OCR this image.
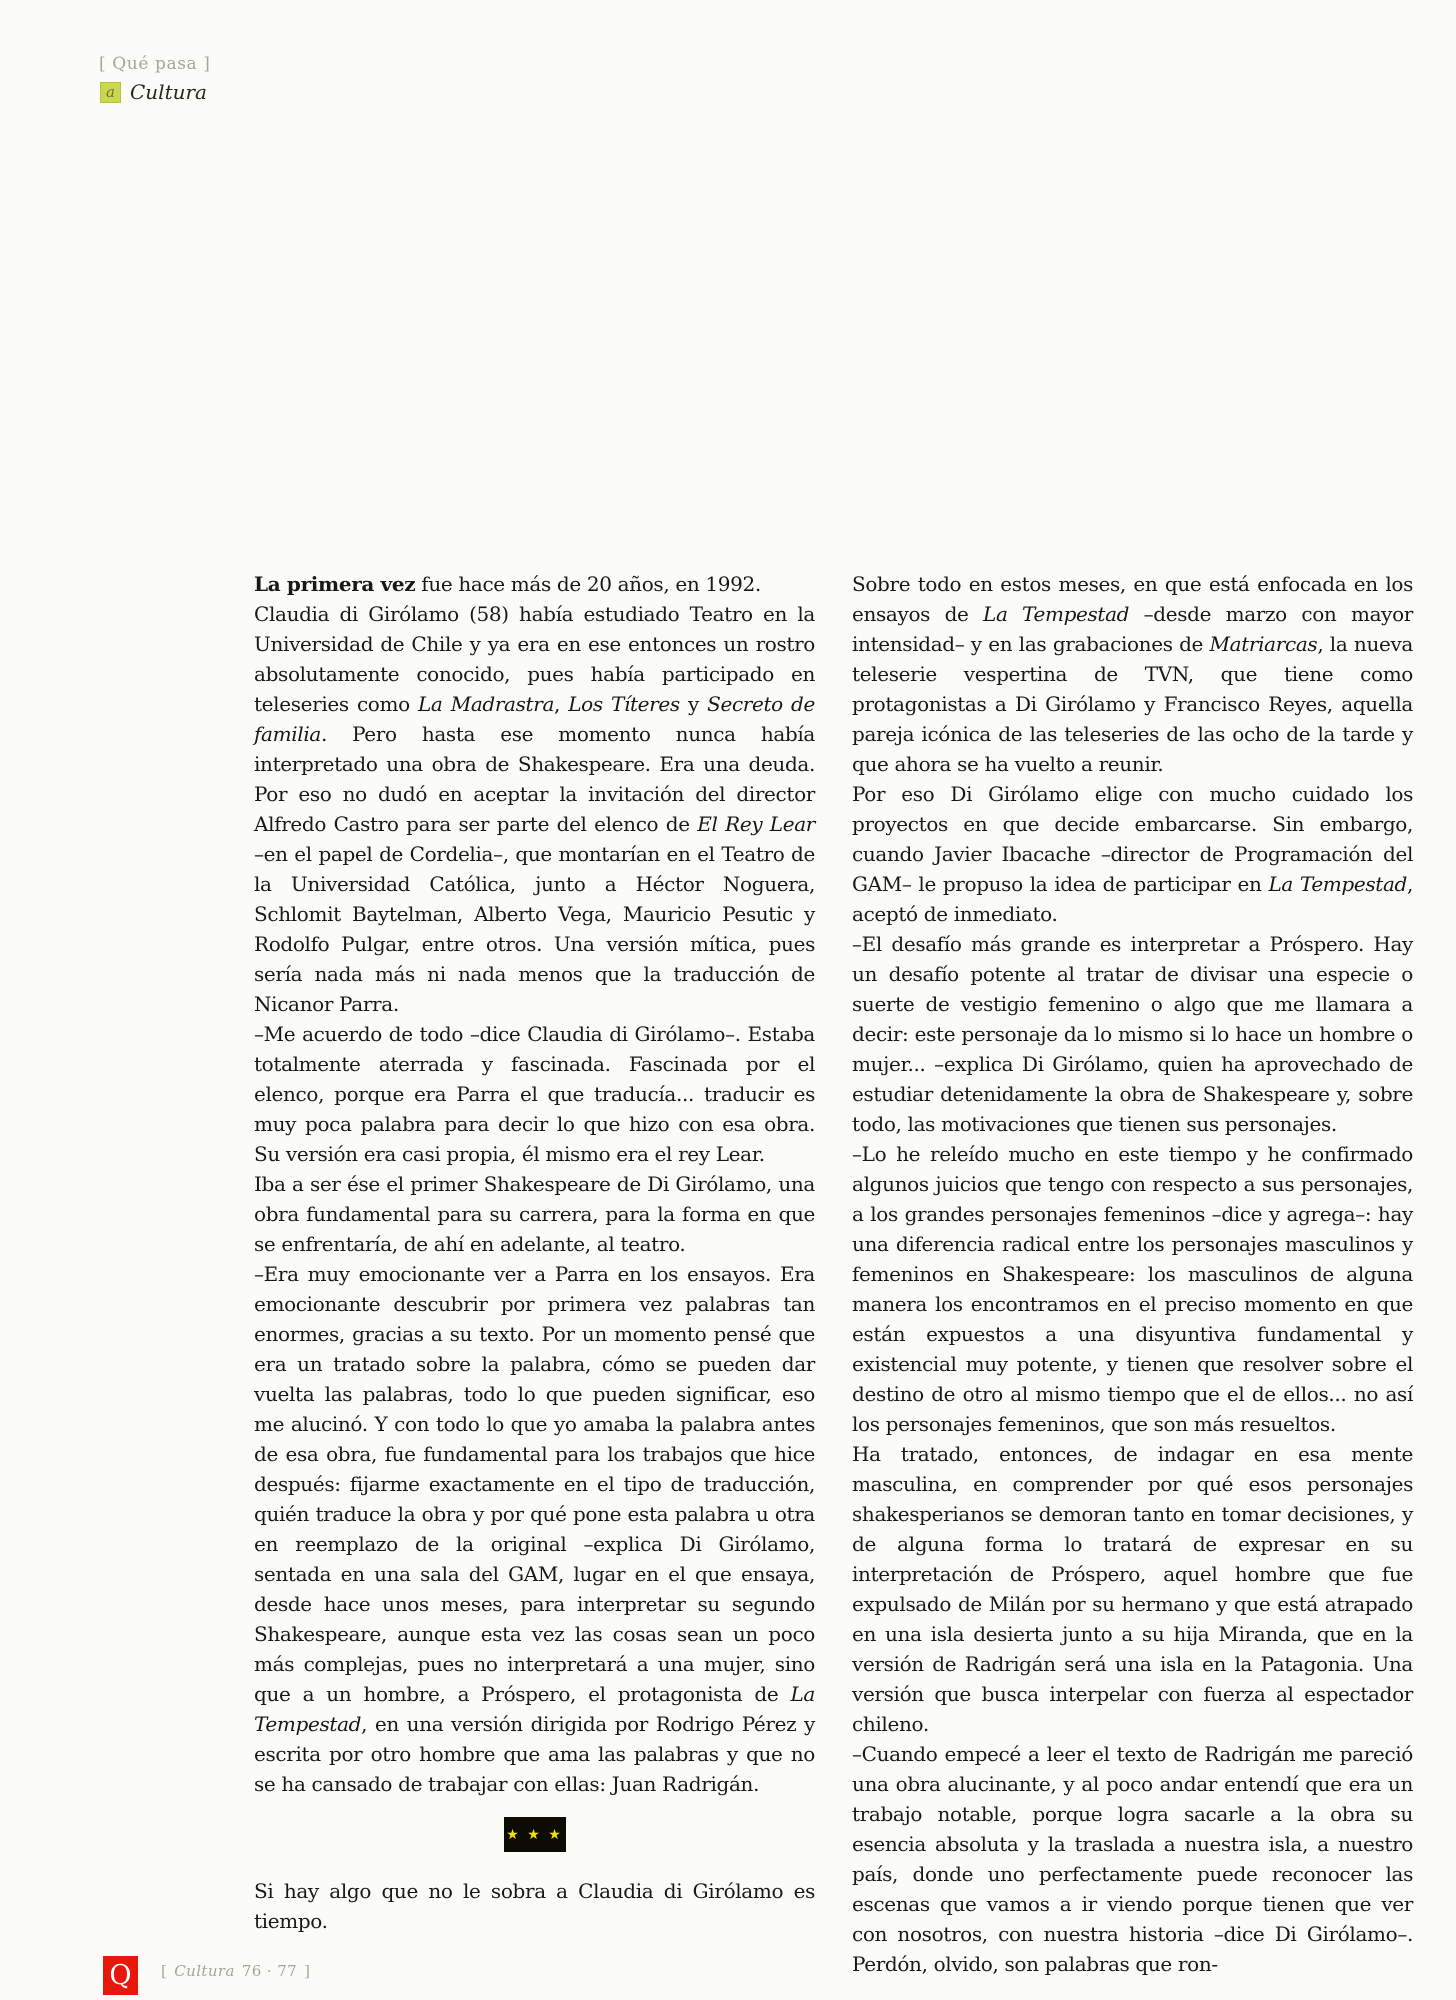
[ Qué pasa ]
a Cultura

La primera vez fue hace más de 20 años, en 1992.

Claudia di Girólamo (58) había estudiado Teatro en la Universidad de Chile y ya era en ese entonces un rostro absolutamente conocido, pues había participado en teleseries como La Madrastra, Los Títeres y Secreto de familia. Pero hasta ese momento nunca había interpretado una obra de Shakespeare. Era una deuda. Por eso no dudó en aceptar la invitación del director Alfredo Castro para ser parte del elenco de El Rey Lear –en el papel de Cordelia–, que montarían en el Teatro de la Universidad Católica, junto a Héctor Noguera, Schlomit Baytelman, Alberto Vega, Mauricio Pesutic y Rodolfo Pulgar, entre otros. Una versión mítica, pues sería nada más ni nada menos que la traducción de Nicanor Parra.

–Me acuerdo de todo –dice Claudia di Girólamo–. Estaba totalmente aterrada y fascinada. Fascinada por el elenco, porque era Parra el que traducía... traducir es muy poca palabra para decir lo que hizo con esa obra. Su versión era casi propia, él mismo era el rey Lear.

Iba a ser ése el primer Shakespeare de Di Girólamo, una obra fundamental para su carrera, para la forma en que se enfrentaría, de ahí en adelante, al teatro.

–Era muy emocionante ver a Parra en los ensayos. Era emocionante descubrir por primera vez palabras tan enormes, gracias a su texto. Por un momento pensé que era un tratado sobre la palabra, cómo se pueden dar vuelta las palabras, todo lo que pueden significar, eso me alucinó. Y con todo lo que yo amaba la palabra antes de esa obra, fue fundamental para los trabajos que hice después: fijarme exactamente en el tipo de traducción, quién traduce la obra y por qué pone esta palabra u otra en reemplazo de la original –explica Di Girólamo, sentada en una sala del GAM, lugar en el que ensaya, desde hace unos meses, para interpretar su segundo Shakespeare, aunque esta vez las cosas sean un poco más complejas, pues no interpretará a una mujer, sino que a un hombre, a Próspero, el protagonista de La Tempestad, en una versión dirigida por Rodrigo Pérez y escrita por otro hombre que ama las palabras y que no se ha cansado de trabajar con ellas: Juan Radrigán.

★ ★ ★

Si hay algo que no le sobra a Claudia di Girólamo es tiempo.

Sobre todo en estos meses, en que está enfocada en los ensayos de La Tempestad –desde marzo con mayor intensidad– y en las grabaciones de Matriarcas, la nueva teleserie vespertina de TVN, que tiene como protagonistas a Di Girólamo y Francisco Reyes, aquella pareja icónica de las teleseries de las ocho de la tarde y que ahora se ha vuelto a reunir.

Por eso Di Girólamo elige con mucho cuidado los proyectos en que decide embarcarse. Sin embargo, cuando Javier Ibacache –director de Programación del GAM– le propuso la idea de participar en La Tempestad, aceptó de inmediato.

–El desafío más grande es interpretar a Próspero. Hay un desafío potente al tratar de divisar una especie o suerte de vestigio femenino o algo que me llamara a decir: este personaje da lo mismo si lo hace un hombre o mujer... –explica Di Girólamo, quien ha aprovechado de estudiar detenidamente la obra de Shakespeare y, sobre todo, las motivaciones que tienen sus personajes.

–Lo he releído mucho en este tiempo y he confirmado algunos juicios que tengo con respecto a sus personajes, a los grandes personajes femeninos –dice y agrega–: hay una diferencia radical entre los personajes masculinos y femeninos en Shakespeare: los masculinos de alguna manera los encontramos en el preciso momento en que están expuestos a una disyuntiva fundamental y existencial muy potente, y tienen que resolver sobre el destino de otro al mismo tiempo que el de ellos... no así los personajes femeninos, que son más resueltos.

Ha tratado, entonces, de indagar en esa mente masculina, en comprender por qué esos personajes shakesperianos se demoran tanto en tomar decisiones, y de alguna forma lo tratará de expresar en su interpretación de Próspero, aquel hombre que fue expulsado de Milán por su hermano y que está atrapado en una isla desierta junto a su hija Miranda, que en la versión de Radrigán será una isla en la Patagonia. Una versión que busca interpelar con fuerza al espectador chileno.

–Cuando empecé a leer el texto de Radrigán me pareció una obra alucinante, y al poco andar entendí que era un trabajo notable, porque logra sacarle a la obra su esencia absoluta y la traslada a nuestra isla, a nuestro país, donde uno perfectamente puede reconocer las escenas que vamos a ir viendo porque tienen que ver con nosotros, con nuestra historia –dice Di Girólamo–. Perdón, olvido, son palabras que ron-

Q [ Cultura 76 · 77 ]
